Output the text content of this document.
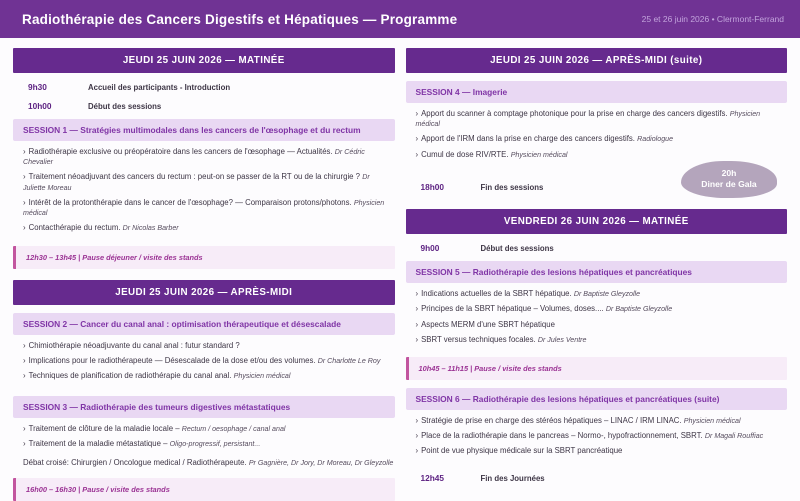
Radiothérapie des Cancers Digestifs et Hépatiques — Programme	25 et 26 juin 2026 • Clermont-Ferrand
JEUDI 25 JUIN 2026 — MATINÉE
9h30	Accueil des participants - Introduction
10h00	Début des sessions
SESSION 1 — Stratégies multimodales dans les cancers de l'œsophage et du rectum
› Radiothérapie exclusive ou préopératoire dans les cancers de l'œsophage — Actualités. Dr Cédric Chevalier
› Traitement néoadjuvant des cancers du rectum : peut-on se passer de la RT ou de la chirurgie ? Dr Juliette Moreau
› Intérêt de la protonthérapie dans le cancer de l'œsophage? — Comparaison protons/photons. Physicien médical
› Contacthérapie du rectum. Dr Nicolas Barber
12h30 – 13h45 | Pause déjeuner / visite des stands
JEUDI 25 JUIN 2026 — APRÈS-MIDI
SESSION 2 — Cancer du canal anal : optimisation thérapeutique et désescalade
› Chimiothérapie néoadjuvante du canal anal : futur standard ?
› Implications pour le radiothérapeute — Désescalade de la dose et/ou des volumes. Dr Charlotte Le Roy
› Techniques de planification de radiothérapie du canal anal. Physicien médical
SESSION 3 — Radiothérapie des tumeurs digestives métastatiques
› Traitement de clôture de la maladie locale – Rectum / oesophage / canal anal
› Traitement de la maladie métastatique – Oligo-progressif, persistant...
Débat croisé: Chirurgien / Oncologue medical / Radiothérapeute. Pr Gagnière, Dr Jory, Dr Moreau, Dr Gleyzolle
16h00 – 16h30 | Pause / visite des stands
JEUDI 25 JUIN 2026 — APRÈS-MIDI (suite)
SESSION 4 — Imagerie
› Apport du scanner à comptage photonique pour la prise en charge des cancers digestifs. Physicien médical
› Apport de l'IRM dans la prise en charge des cancers digestifs. Radiologue
› Cumul de dose RIV/RTE. Physicien médical
18h00	Fin des sessions
20h
Diner de Gala
VENDREDI 26 JUIN 2026 — MATINÉE
9h00	Début des sessions
SESSION 5 — Radiothérapie des lesions hépatiques et pancréatiques
› Indications actuelles de la SBRT hépatique. Dr Baptiste Gleyzolle
› Principes de la SBRT hépatique – Volumes, doses.... Dr Baptiste Gleyzolle
› Aspects MERM d'une SBRT hépatique
› SBRT versus techniques focales. Dr Jules Ventre
10h45 – 11h15 | Pause / visite des stands
SESSION 6 — Radiothérapie des lesions hépatiques et pancréatiques (suite)
› Stratégie de prise en charge des stéréos hépatiques – LINAC / IRM LINAC. Physicien médical
› Place de la radiothérapie dans le pancreas – Normo-, hypofractionnement, SBRT. Dr Magali Rouffiac
› Point de vue physique médicale sur la SBRT pancréatique
12h45	Fin des Journées
